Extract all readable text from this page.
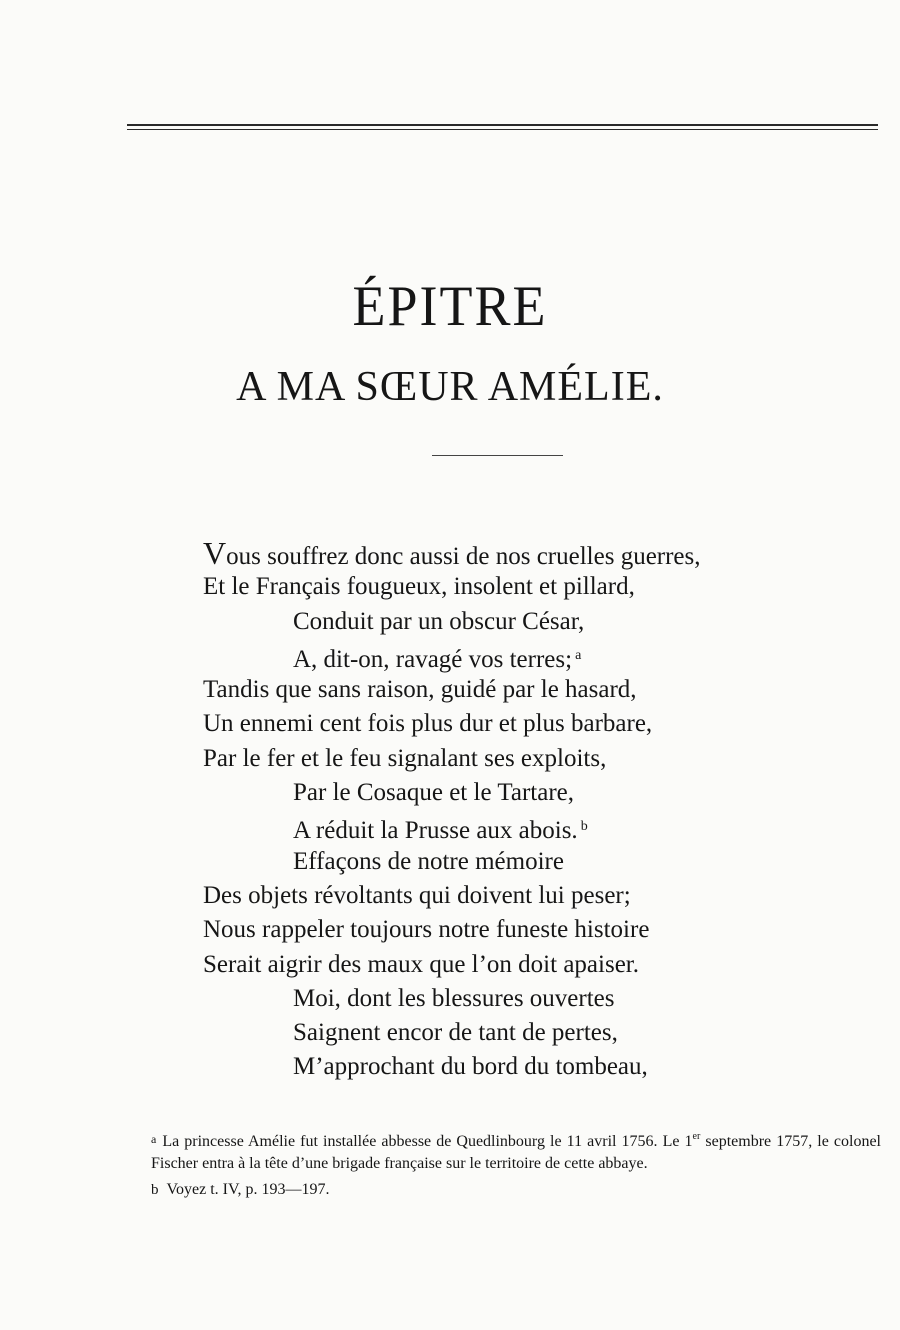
ÉPITRE
A MA SŒUR AMÉLIE.
Vous souffrez donc aussi de nos cruelles guerres,
Et le Français fougueux, insolent et pillard,
Conduit par un obscur César,
A, dit-on, ravagé vos terres; $^a$
Tandis que sans raison, guidé par le hasard,
Un ennemi cent fois plus dur et plus barbare,
Par le fer et le feu signalant ses exploits,
Par le Cosaque et le Tartare,
A réduit la Prusse aux abois. $^b$
Effaçons de notre mémoire
Des objets révoltants qui doivent lui peser;
Nous rappeler toujours notre funeste histoire
Serait aigrir des maux que l’on doit apaiser.
Moi, dont les blessures ouvertes
Saignent encor de tant de pertes,
M’approchant du bord du tombeau,

a La princesse Amélie fut installée abbesse de Quedlinbourg le 11 avril 1756. Le 1er septembre 1757, le colonel Fischer entra à la tête d’une brigade française sur le territoire de cette abbaye.

b Voyez t. IV, p. 193—197.
